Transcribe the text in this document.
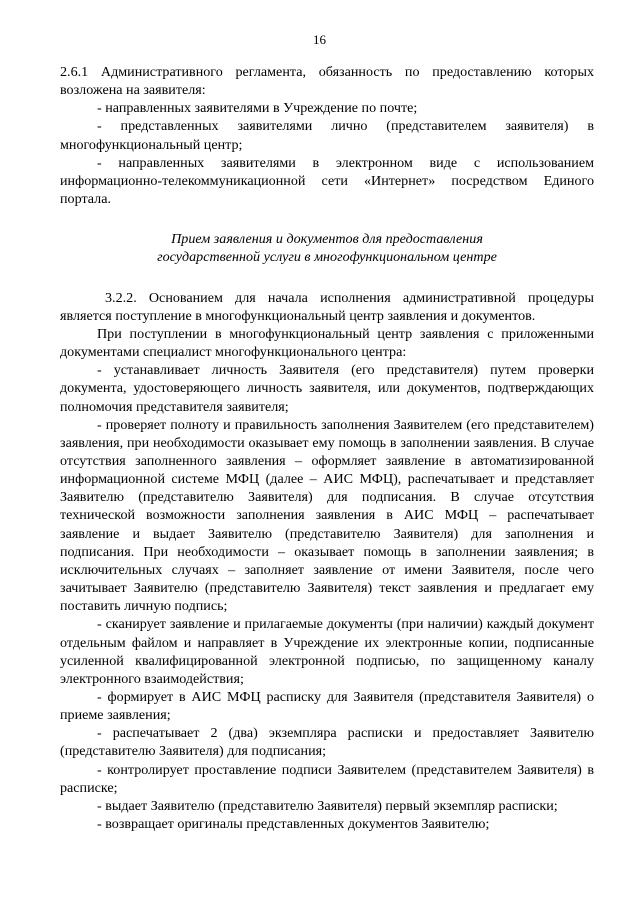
16

2.6.1 Административного регламента, обязанность по предоставлению которых возложена на заявителя:

- направленных заявителями в Учреждение по почте;

- представленных заявителями лично (представителем заявителя) в многофункциональный центр;

- направленных заявителями в электронном виде с использованием информационно-телекоммуникационной сети «Интернет» посредством Единого портала.

Прием заявления и документов для предоставления
государственной услуги в многофункциональном центре

3.2.2. Основанием для начала исполнения административной процедуры является поступление в многофункциональный центр заявления и документов.

При поступлении в многофункциональный центр заявления с приложенными документами специалист многофункционального центра:

- устанавливает личность Заявителя (его представителя) путем проверки документа, удостоверяющего личность заявителя, или документов, подтверждающих полномочия представителя заявителя;

- проверяет полноту и правильность заполнения Заявителем (его представителем) заявления, при необходимости оказывает ему помощь в заполнении заявления. В случае отсутствия заполненного заявления – оформляет заявление в автоматизированной информационной системе МФЦ (далее – АИС МФЦ), распечатывает и представляет Заявителю (представителю Заявителя) для подписания. В случае отсутствия технической возможности заполнения заявления в АИС МФЦ – распечатывает заявление и выдает Заявителю (представителю Заявителя) для заполнения и подписания. При необходимости – оказывает помощь в заполнении заявления; в исключительных случаях – заполняет заявление от имени Заявителя, после чего зачитывает Заявителю (представителю Заявителя) текст заявления и предлагает ему поставить личную подпись;

- сканирует заявление и прилагаемые документы (при наличии) каждый документ отдельным файлом и направляет в Учреждение их электронные копии, подписанные усиленной квалифицированной электронной подписью, по защищенному каналу электронного взаимодействия;

- формирует в АИС МФЦ расписку для Заявителя (представителя Заявителя) о приеме заявления;

- распечатывает 2 (два) экземпляра расписки и предоставляет Заявителю (представителю Заявителя) для подписания;

- контролирует проставление подписи Заявителем (представителем Заявителя) в расписке;

- выдает Заявителю (представителю Заявителя) первый экземпляр расписки;

- возвращает оригиналы представленных документов Заявителю;
